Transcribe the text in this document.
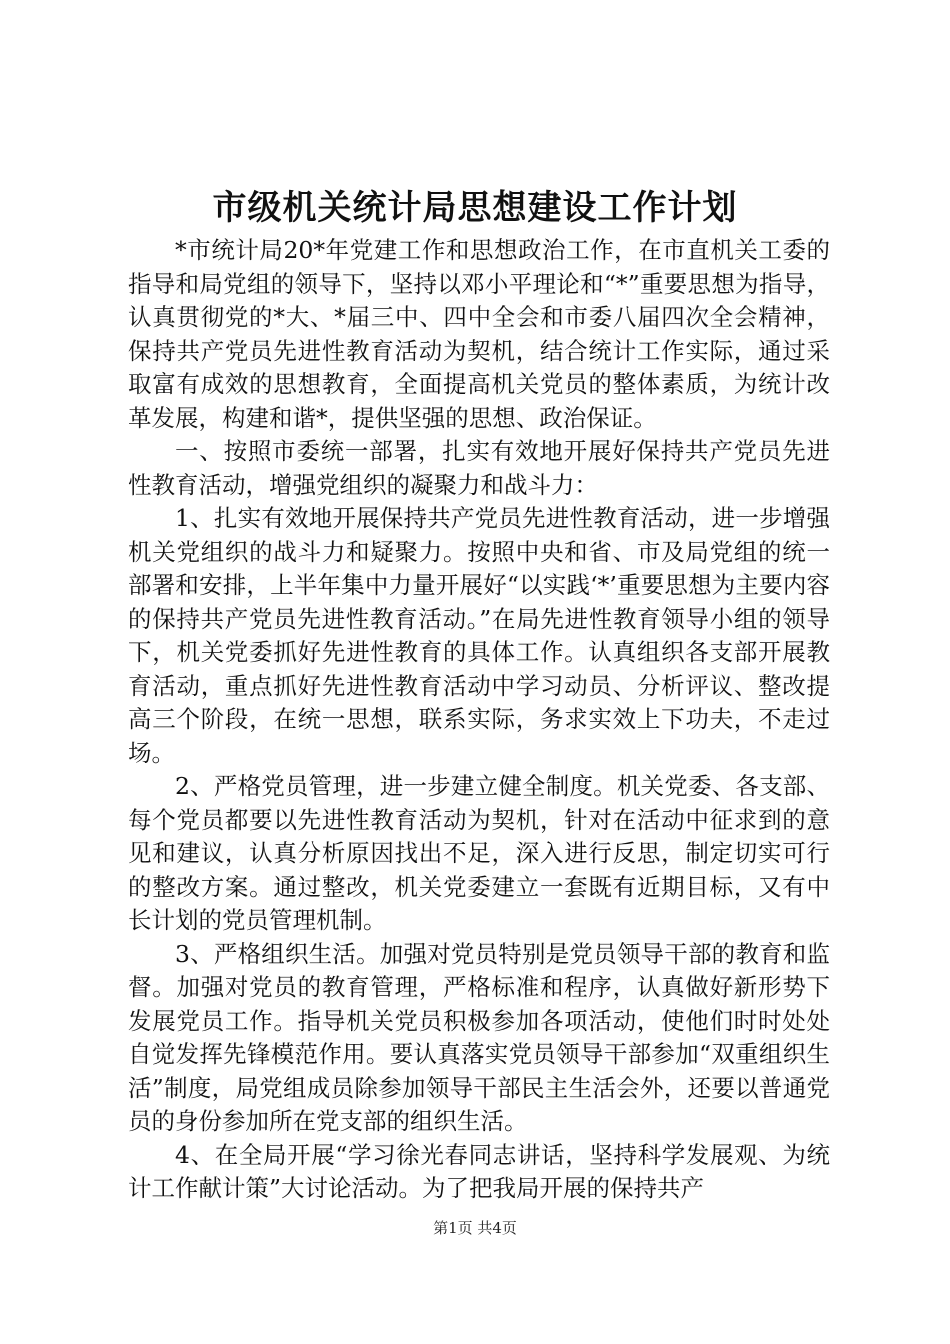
市级机关统计局思想建设工作计划

*市统计局20*年党建工作和思想政治工作，在市直机关工委的指导和局党组的领导下，坚持以邓小平理论和“*”重要思想为指导，认真贯彻党的*大、*届三中、四中全会和市委八届四次全会精神，保持共产党员先进性教育活动为契机，结合统计工作实际，通过采取富有成效的思想教育，全面提高机关党员的整体素质，为统计改革发展，构建和谐*，提供坚强的思想、政治保证。

一、按照市委统一部署，扎实有效地开展好保持共产党员先进性教育活动，增强党组织的凝聚力和战斗力：

1、扎实有效地开展保持共产党员先进性教育活动，进一步增强机关党组织的战斗力和疑聚力。按照中央和省、市及局党组的统一部署和安排，上半年集中力量开展好“以实践‘*’重要思想为主要内容的保持共产党员先进性教育活动。”在局先进性教育领导小组的领导下，机关党委抓好先进性教育的具体工作。认真组织各支部开展教育活动，重点抓好先进性教育活动中学习动员、分析评议、整改提高三个阶段，在统一思想，联系实际，务求实效上下功夫，不走过场。

2、严格党员管理，进一步建立健全制度。机关党委、各支部、每个党员都要以先进性教育活动为契机，针对在活动中征求到的意见和建议，认真分析原因找出不足，深入进行反思，制定切实可行的整改方案。通过整改，机关党委建立一套既有近期目标，又有中长计划的党员管理机制。

3、严格组织生活。加强对党员特别是党员领导干部的教育和监督。加强对党员的教育管理，严格标准和程序，认真做好新形势下发展党员工作。指导机关党员积极参加各项活动，使他们时时处处自觉发挥先锋模范作用。要认真落实党员领导干部参加“双重组织生活”制度，局党组成员除参加领导干部民主生活会外，还要以普通党员的身份参加所在党支部的组织生活。

4、在全局开展“学习徐光春同志讲话，坚持科学发展观、为统计工作献计策”大讨论活动。为了把我局开展的保持共产

第1页 共4页
